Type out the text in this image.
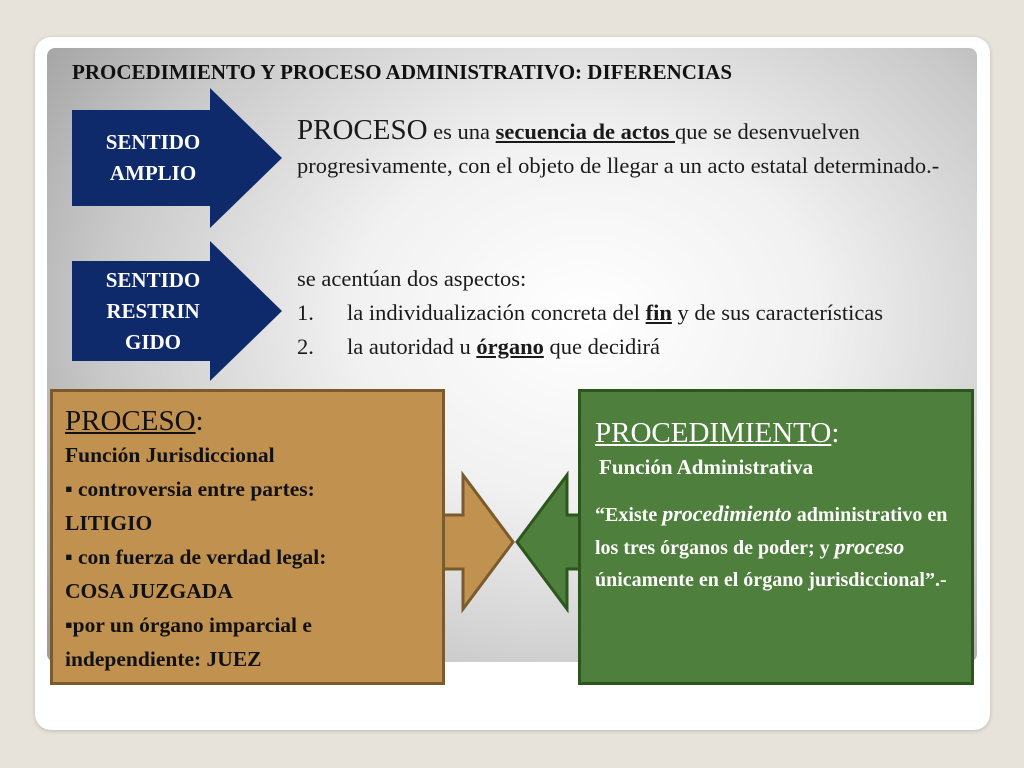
PROCEDIMIENTO Y PROCESO ADMINISTRATIVO: DIFERENCIAS
SENTIDO
AMPLIO
SENTIDO
RESTRIN
GIDO
PROCESO es una secuencia de actos que se desenvuelven progresivamente, con el objeto de llegar a un acto estatal determinado.-
se acentúan dos aspectos:
1.	la individualización concreta del fin y de sus características
2.	la autoridad u órgano que decidirá
PROCESO:
Función Jurisdiccional
▪ controversia entre partes:
LITIGIO
▪ con fuerza de verdad legal:
COSA JUZGADA
▪por un órgano imparcial e
independiente: JUEZ
PROCEDIMIENTO:
Función Administrativa
“Existe procedimiento administrativo en los tres órganos de poder; y proceso únicamente en el órgano jurisdiccional”.-
